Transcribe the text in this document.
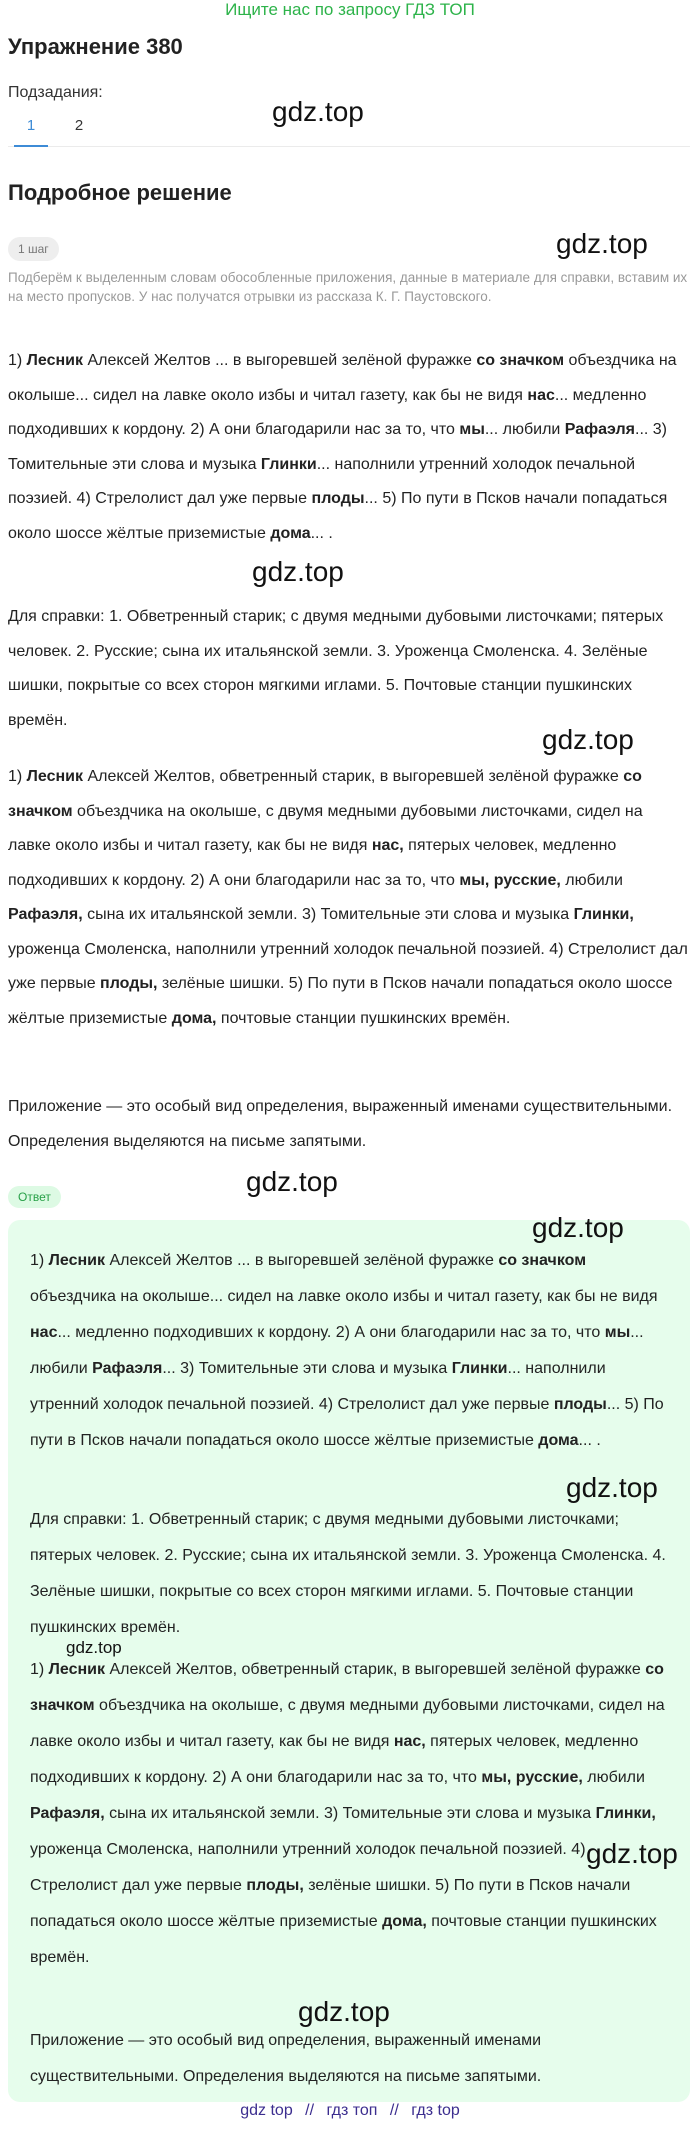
Ищите нас по запросу ГДЗ ТОП
Упражнение 380
Подзадания:
1	2
Подробное решение
1 шаг
Подберём к выделенным словам обособленные приложения, данные в материале для справки, вставим их на место пропусков. У нас получатся отрывки из рассказа К. Г. Паустовского.
1) Лесник Алексей Желтов ... в выгоревшей зелёной фуражке со значком объездчика на околыше... сидел на лавке около избы и читал газету, как бы не видя нас... медленно подходивших к кордону. 2) А они благодарили нас за то, что мы... любили Рафаэля... 3) Томительные эти слова и музыка Глинки... наполнили утренний холодок печальной поэзией. 4) Стрелолист дал уже первые плоды... 5) По пути в Псков начали попадаться около шоссе жёлтые приземистые дома... .
Для справки: 1. Обветренный старик; с двумя медными дубовыми листочками; пятерых человек. 2. Русские; сына их итальянской земли. 3. Уроженца Смоленска. 4. Зелёные шишки, покрытые со всех сторон мягкими иглами. 5. Почтовые станции пушкинских времён.
1) Лесник Алексей Желтов, обветренный старик, в выгоревшей зелёной фуражке со значком объездчика на околыше, с двумя медными дубовыми листочками, сидел на лавке около избы и читал газету, как бы не видя нас, пятерых человек, медленно подходивших к кордону. 2) А они благодарили нас за то, что мы, русские, любили Рафаэля, сына их итальянской земли. 3) Томительные эти слова и музыка Глинки, уроженца Смоленска, наполнили утренний холодок печальной поэзией. 4) Стрелолист дал уже первые плоды, зелёные шишки. 5) По пути в Псков начали попадаться около шоссе жёлтые приземистые дома, почтовые станции пушкинских времён.
Приложение — это особый вид определения, выраженный именами существительными. Определения выделяются на письме запятыми.
Ответ
1) Лесник Алексей Желтов ... в выгоревшей зелёной фуражке со значком объездчика на околыше... сидел на лавке около избы и читал газету, как бы не видя нас... медленно подходивших к кордону. 2) А они благодарили нас за то, что мы... любили Рафаэля... 3) Томительные эти слова и музыка Глинки... наполнили утренний холодок печальной поэзией. 4) Стрелолист дал уже первые плоды... 5) По пути в Псков начали попадаться около шоссе жёлтые приземистые дома... .
Для справки: 1. Обветренный старик; с двумя медными дубовыми листочками; пятерых человек. 2. Русские; сына их итальянской земли. 3. Уроженца Смоленска. 4. Зелёные шишки, покрытые со всех сторон мягкими иглами. 5. Почтовые станции пушкинских времён.
1) Лесник Алексей Желтов, обветренный старик, в выгоревшей зелёной фуражке со значком объездчика на околыше, с двумя медными дубовыми листочками, сидел на лавке около избы и читал газету, как бы не видя нас, пятерых человек, медленно подходивших к кордону. 2) А они благодарили нас за то, что мы, русские, любили Рафаэля, сына их итальянской земли. 3) Томительные эти слова и музыка Глинки, уроженца Смоленска, наполнили утренний холодок печальной поэзией. 4) Стрелолист дал уже первые плоды, зелёные шишки. 5) По пути в Псков начали попадаться около шоссе жёлтые приземистые дома, почтовые станции пушкинских времён.
Приложение — это особый вид определения, выраженный именами существительными. Определения выделяются на письме запятыми.
gdz.top
gdz.top
gdz.top
gdz.top
gdz.top
gdz.top
gdz.top
gdz.top
gdz.top
gdz.top
gdz top // гдз топ // гдз top
